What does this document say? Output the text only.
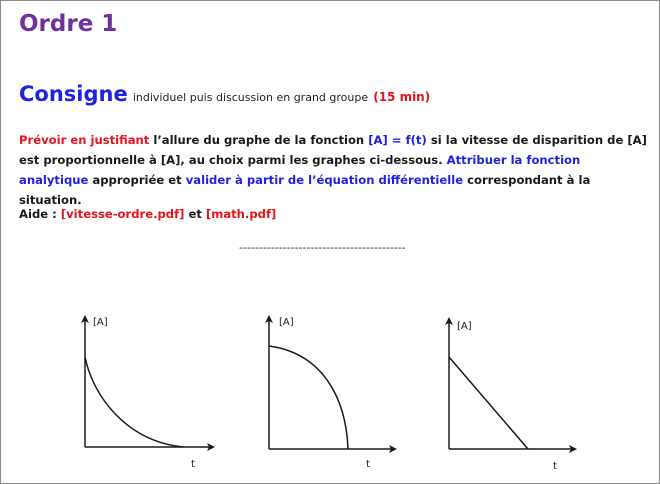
Ordre 1
Consigne individuel puis discussion en grand groupe (15 min)
Prévoir en justifiant l’allure du graphe de la fonction [A] = f(t) si la vitesse de disparition de [A] est proportionnelle à [A], au choix parmi les graphes ci-dessous. Attribuer la fonction analytique appropriée et valider à partir de l’équation différentielle correspondant à la situation.
Aide : [vitesse-ordre.pdf] et [math.pdf]
------------------------------------------
[A]
t
[A]
t
[A]
t
